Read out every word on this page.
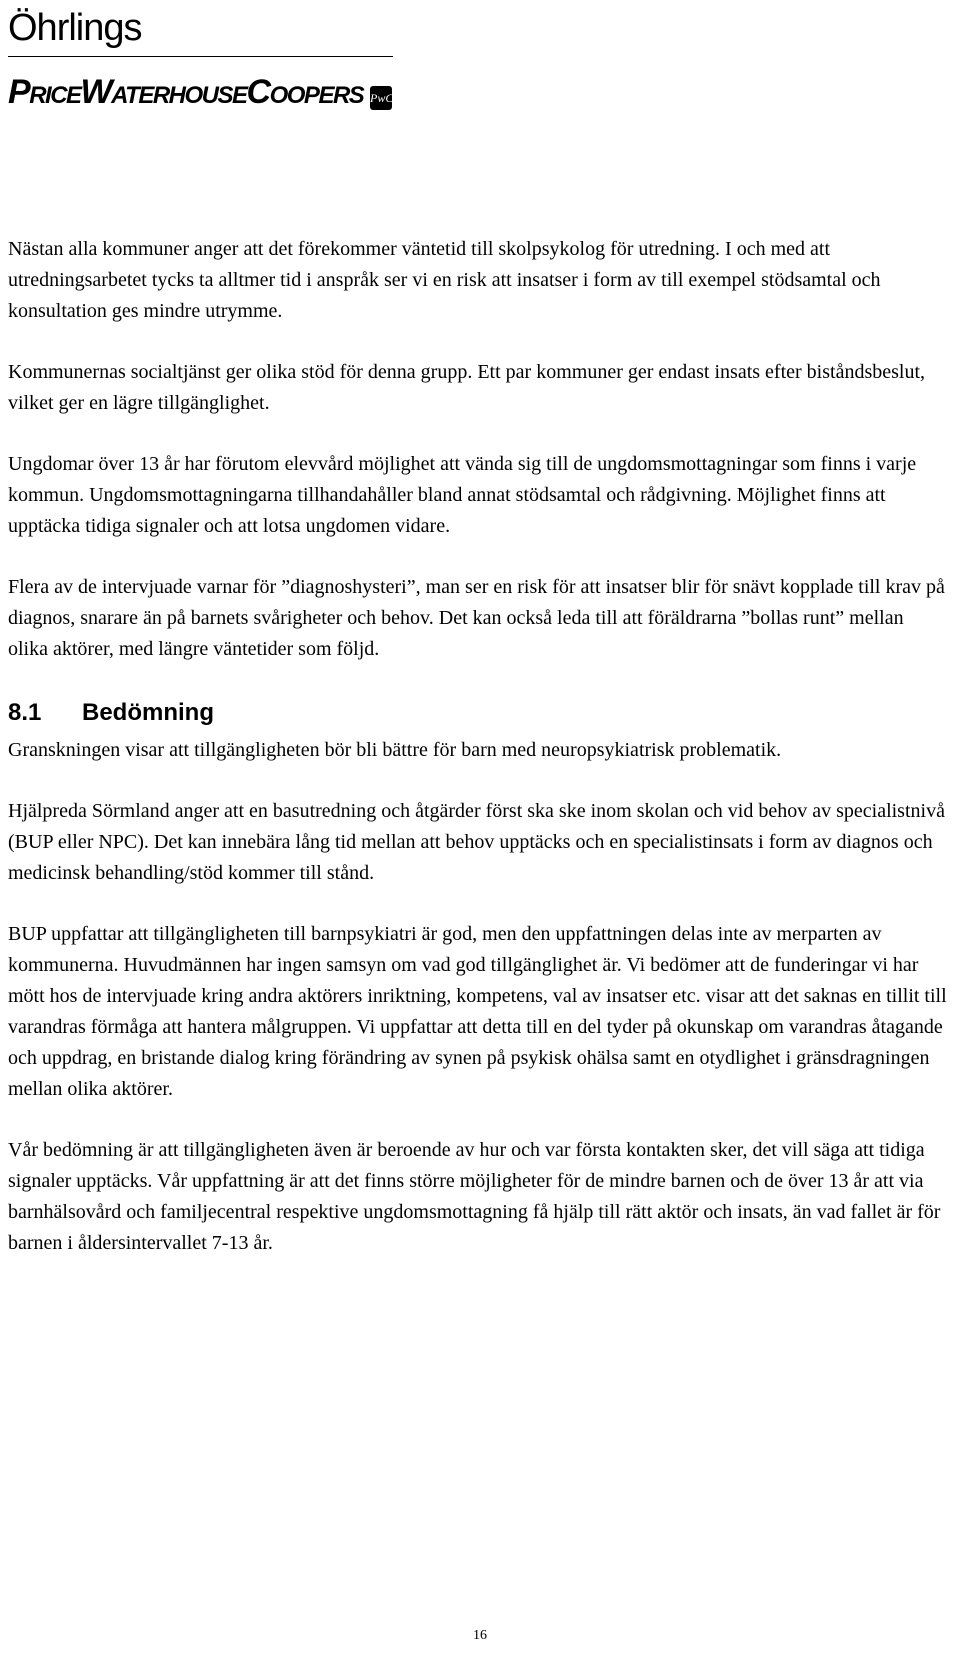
Öhrlings
PRICEWATERHOUSECOOPERS PwC

Nästan alla kommuner anger att det förekommer väntetid till skolpsykolog för utredning. I och med att utredningsarbetet tycks ta alltmer tid i anspråk ser vi en risk att insatser i form av till exempel stödsamtal och konsultation ges mindre utrymme.

Kommunernas socialtjänst ger olika stöd för denna grupp. Ett par kommuner ger endast insats efter biståndsbeslut, vilket ger en lägre tillgänglighet.

Ungdomar över 13 år har förutom elevvård möjlighet att vända sig till de ungdomsmottagningar som finns i varje kommun. Ungdomsmottagningarna tillhandahåller bland annat stödsamtal och rådgivning. Möjlighet finns att upptäcka tidiga signaler och att lotsa ungdomen vidare.

Flera av de intervjuade varnar för ”diagnoshysteri”, man ser en risk för att insatser blir för snävt kopplade till krav på diagnos, snarare än på barnets svårigheter och behov. Det kan också leda till att föräldrarna ”bollas runt” mellan olika aktörer, med längre väntetider som följd.

8.1 Bedömning

Granskningen visar att tillgängligheten bör bli bättre för barn med neuropsykiatrisk problematik.

Hjälpreda Sörmland anger att en basutredning och åtgärder först ska ske inom skolan och vid behov av specialistnivå (BUP eller NPC). Det kan innebära lång tid mellan att behov upptäcks och en specialistinsats i form av diagnos och medicinsk behandling/stöd kommer till stånd.

BUP uppfattar att tillgängligheten till barnpsykiatri är god, men den uppfattningen delas inte av merparten av kommunerna. Huvudmännen har ingen samsyn om vad god tillgänglighet är. Vi bedömer att de funderingar vi har mött hos de intervjuade kring andra aktörers inriktning, kompetens, val av insatser etc. visar att det saknas en tillit till varandras förmåga att hantera målgruppen. Vi uppfattar att detta till en del tyder på okunskap om varandras åtagande och uppdrag, en bristande dialog kring förändring av synen på psykisk ohälsa samt en otydlighet i gränsdragningen mellan olika aktörer.

Vår bedömning är att tillgängligheten även är beroende av hur och var första kontakten sker, det vill säga att tidiga signaler upptäcks. Vår uppfattning är att det finns större möjligheter för de mindre barnen och de över 13 år att via barnhälsovård och familjecentral respektive ungdomsmottagning få hjälp till rätt aktör och insats, än vad fallet är för barnen i åldersintervallet 7-13 år.

16
